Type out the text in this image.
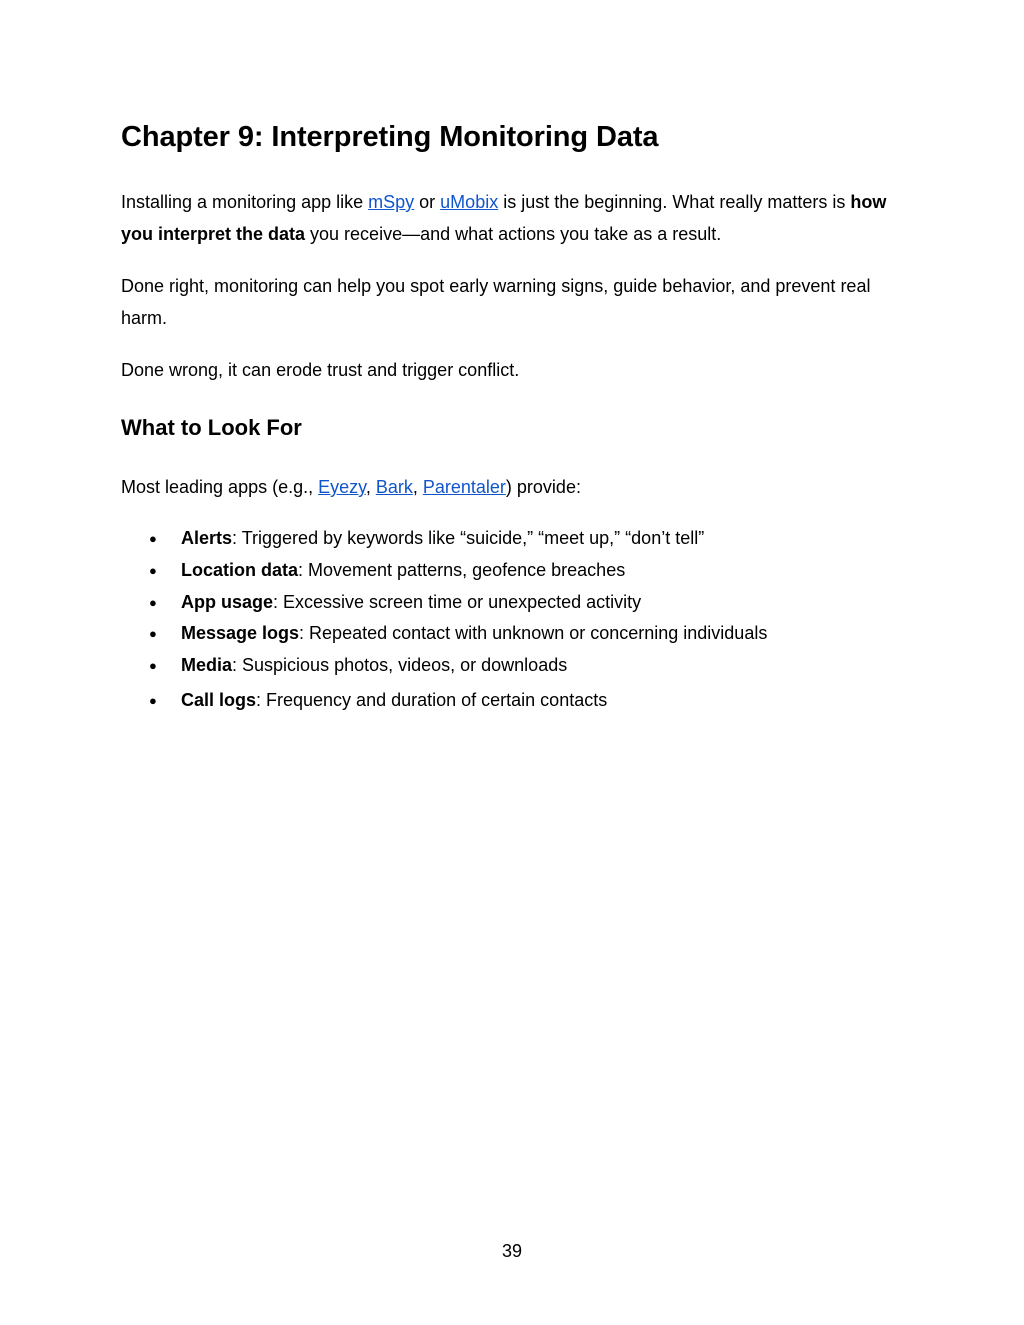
Chapter 9: Interpreting Monitoring Data

Installing a monitoring app like mSpy or uMobix is just the beginning. What really matters is how you interpret the data you receive—and what actions you take as a result.

Done right, monitoring can help you spot early warning signs, guide behavior, and prevent real harm.

Done wrong, it can erode trust and trigger conflict.

What to Look For

Most leading apps (e.g., Eyezy, Bark, Parentaler) provide:

● Alerts: Triggered by keywords like “suicide,” “meet up,” “don’t tell”
● Location data: Movement patterns, geofence breaches
● App usage: Excessive screen time or unexpected activity
● Message logs: Repeated contact with unknown or concerning individuals
● Media: Suspicious photos, videos, or downloads
● Call logs: Frequency and duration of certain contacts
39
